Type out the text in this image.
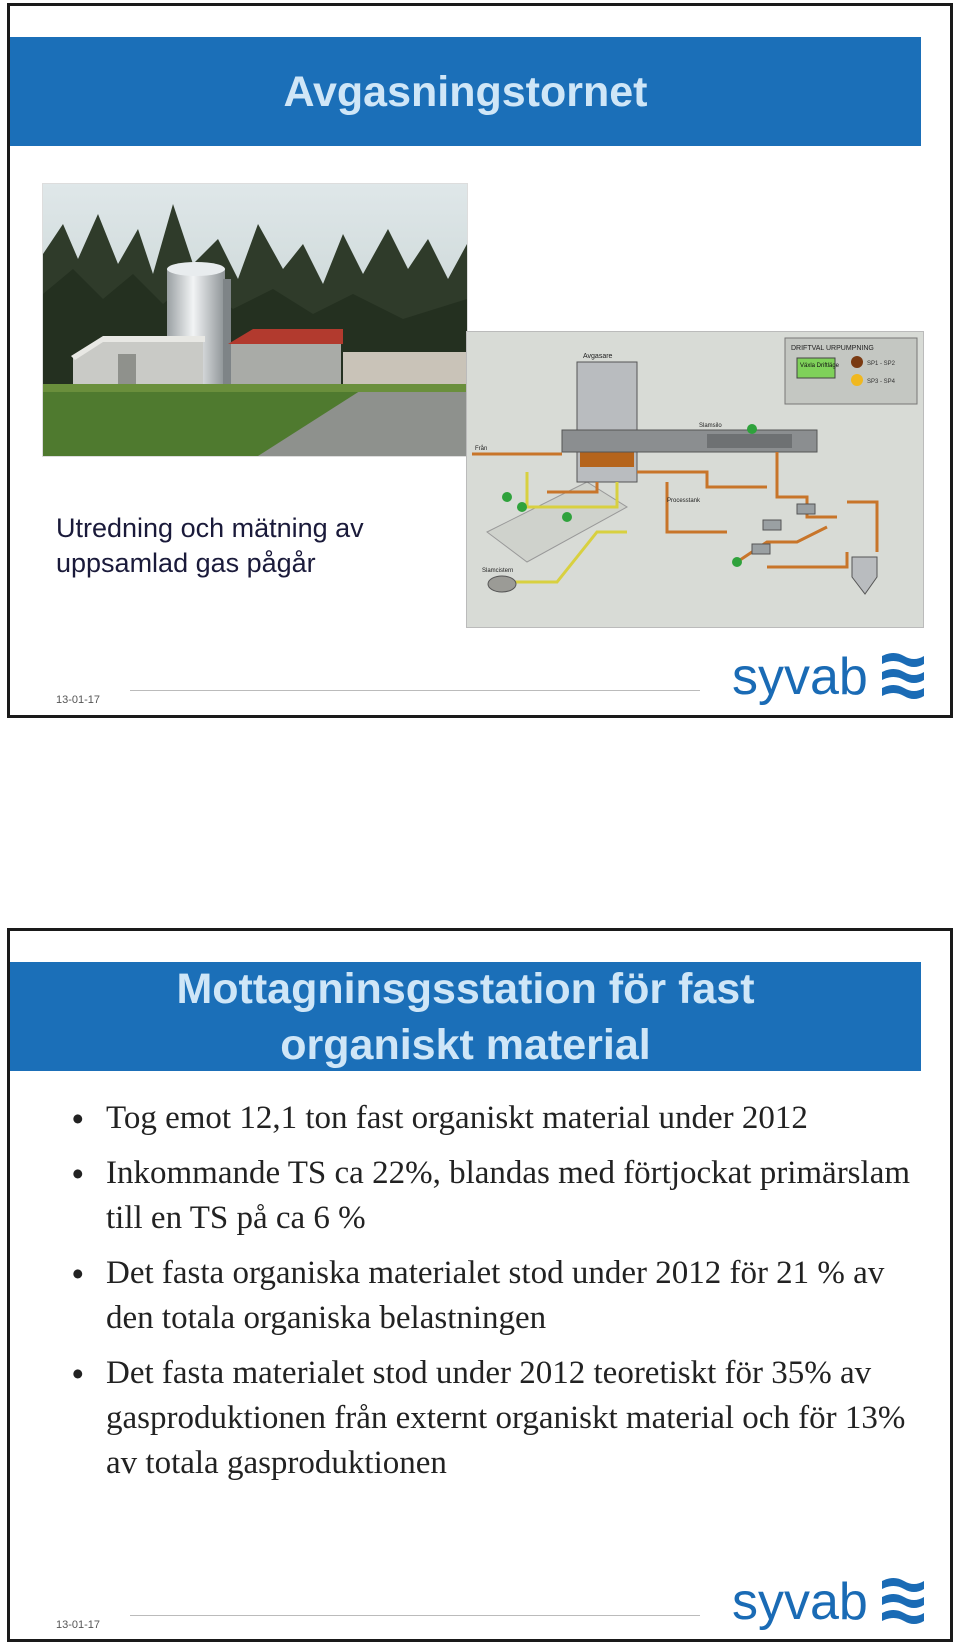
Avgasningstornet
DRIFTVAL URPUMPNING
Växla Driftläge	SP1 - SP2
SP3 - SP4
Avgasare
Från
Slamsilo
Slamcistern
Processtank
Utredning och mätning av
uppsamlad gas pågår
13-01-17	syvab
Mottagninsgsstation för fast
organiskt material
• Tog emot 12,1 ton fast organiskt material under 2012
• Inkommande TS ca 22%, blandas med förtjockat primärslam till en TS på ca 6 %
• Det fasta organiska materialet stod under 2012 för 21 % av den totala organiska belastningen
• Det fasta materialet stod under 2012 teoretiskt för 35% av gasproduktionen från externt organiskt material och för 13% av totala gasproduktionen
13-01-17	syvab
